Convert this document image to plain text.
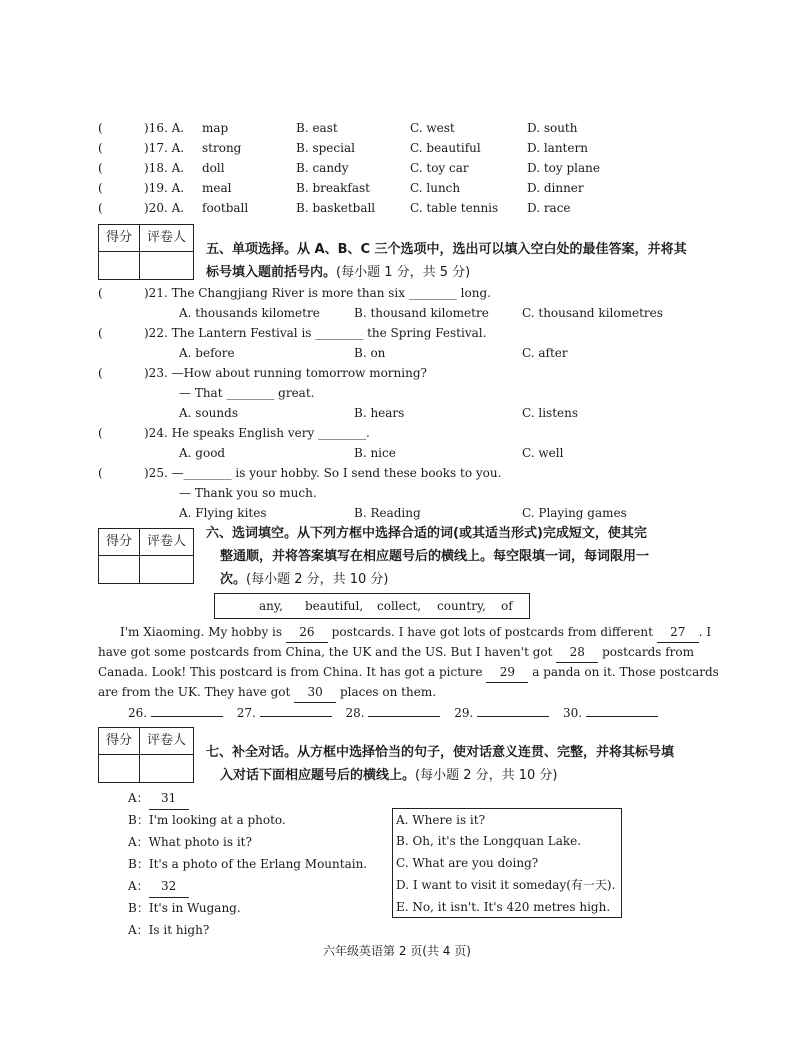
(	)16. A. map	B. east	C. west	D. south
(	)17. A. strong	B. special	C. beautiful	D. lantern
(	)18. A. doll	B. candy	C. toy car	D. toy plane
(	)19. A. meal	B. breakfast	C. lunch	D. dinner
(	)20. A. football	B. basketball	C. table tennis D. race
得分	评卷人
五、单项选择。从 A、B、C 三个选项中，选出可以填入空白处的最佳答案，并将其
标号填入题前括号内。(每小题 1 分，共 5 分)
(	)21. The Changjiang River is more than six ________ long.
A. thousands kilometre	B. thousand kilometre	C. thousand kilometres
(	)22. The Lantern Festival is ________ the Spring Festival.
A. before	B. on	C. after
(	)23. —How about running tomorrow morning?
— That ________ great.
A. sounds	B. hears	C. listens
(	)24. He speaks English very ________.
A. good	B. nice	C. well
(	)25. —________ is your hobby. So I send these books to you.
— Thank you so much.
A. Flying kites	B. Reading	C. Playing games
得分	评卷人
六、选词填空。从下列方框中选择合适的词(或其适当形式)完成短文，使其完
整通顺，并将答案填写在相应题号后的横线上。每空限填一词，每词限用一
次。(每小题 2 分，共 10 分)
any, beautiful, collect, country, of
I'm Xiaoming. My hobby is 26 postcards. I have got lots of postcards from different 27 . I
have got some postcards from China, the UK and the US. But I haven't got 28 postcards from
Canada. Look! This postcard is from China. It has got a picture 29 a panda on it. Those postcards
are from the UK. They have got 30 places on them.
26.	27.	28.	29.	30.
得分	评卷人
七、补全对话。从方框中选择恰当的句子，使对话意义连贯、完整，并将其标号填
入对话下面相应题号后的横线上。(每小题 2 分，共 10 分)
A： 31
B：I'm looking at a photo.
A：What photo is it?
B：It's a photo of the Erlang Mountain.
A： 32
B：It's in Wugang.
A：Is it high?
A. Where is it?
B. Oh, it's the Longquan Lake.
C. What are you doing?
D. I want to visit it someday(有一天).
E. No, it isn't. It's 420 metres high.
六年级英语第 2 页(共 4 页)
